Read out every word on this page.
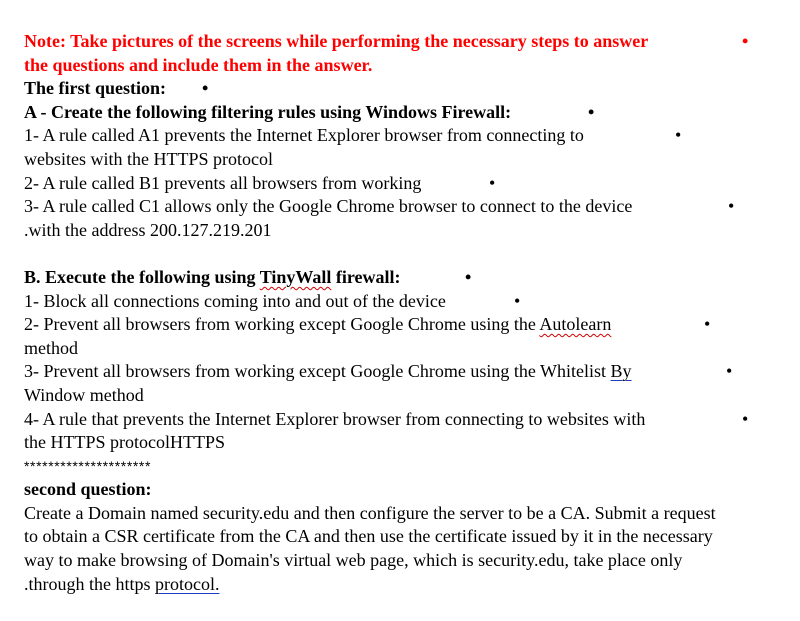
Note: Take pictures of the screens while performing the necessary steps to answer	•
the questions and include them in the answer.
The first question: •
A - Create the following filtering rules using Windows Firewall:	•
1- A rule called A1 prevents the Internet Explorer browser from connecting to	•
websites with the HTTPS protocol
2- A rule called B1 prevents all browsers from working	•
3- A rule called C1 allows only the Google Chrome browser to connect to the device	•
.with the address 200.127.219.201
B. Execute the following using TinyWall firewall:	•
1- Block all connections coming into and out of the device	•
2- Prevent all browsers from working except Google Chrome using the Autolearn	•
method
3- Prevent all browsers from working except Google Chrome using the Whitelist By	•
Window method
4- A rule that prevents the Internet Explorer browser from connecting to websites with	•
the HTTPS protocolHTTPS
*********************
second question:
Create a Domain named security.edu and then configure the server to be a CA. Submit a request
to obtain a CSR certificate from the CA and then use the certificate issued by it in the necessary
way to make browsing of Domain's virtual web page, which is security.edu, take place only
.through the https protocol.
